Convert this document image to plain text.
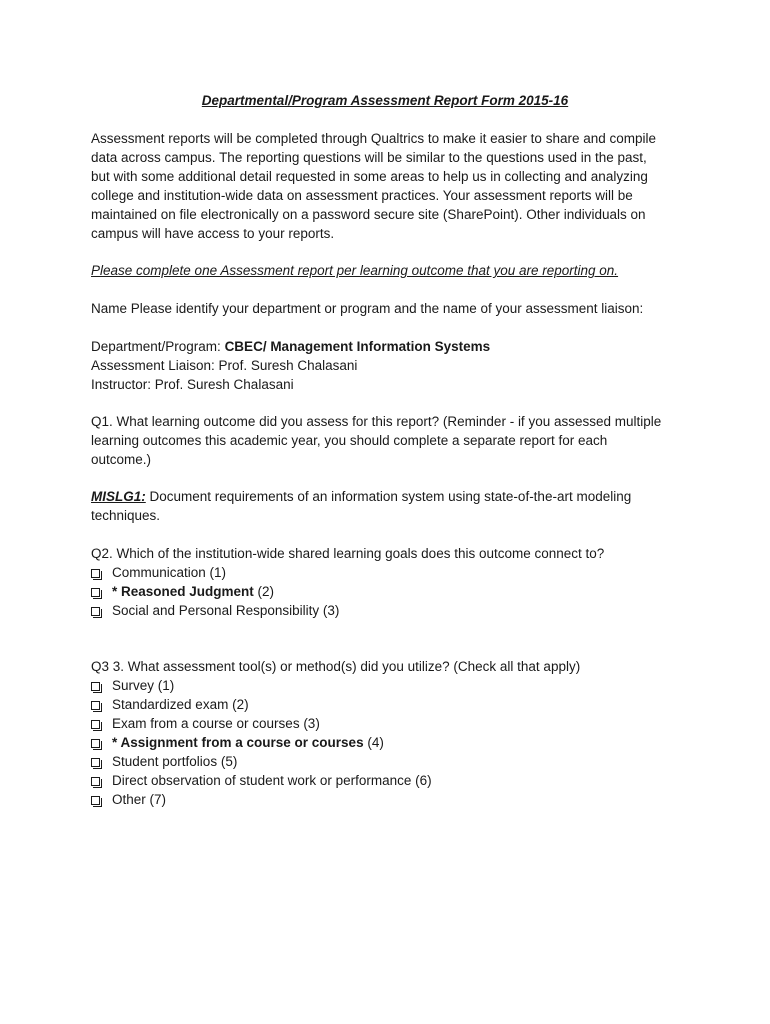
Departmental/Program Assessment Report Form 2015-16
Assessment reports will be completed through Qualtrics to make it easier to share and compile
data across campus. The reporting questions will be similar to the questions used in the past,
but with some additional detail requested in some areas to help us in collecting and analyzing
college and institution-wide data on assessment practices. Your assessment reports will be
maintained on file electronically on a password secure site (SharePoint). Other individuals on
campus will have access to your reports.
Please complete one Assessment report per learning outcome that you are reporting on.
Name Please identify your department or program and the name of your assessment liaison:
Department/Program: CBEC/ Management Information Systems
Assessment Liaison: Prof. Suresh Chalasani
Instructor: Prof. Suresh Chalasani
Q1. What learning outcome did you assess for this report? (Reminder - if you assessed multiple
learning outcomes this academic year, you should complete a separate report for each
outcome.)
MISLG1: Document requirements of an information system using state-of-the-art modeling
techniques.
Q2. Which of the institution-wide shared learning goals does this outcome connect to?
Communication (1)
* Reasoned Judgment (2)
Social and Personal Responsibility (3)
Q3 3. What assessment tool(s) or method(s) did you utilize? (Check all that apply)
Survey (1)
Standardized exam (2)
Exam from a course or courses (3)
* Assignment from a course or courses (4)
Student portfolios (5)
Direct observation of student work or performance (6)
Other (7)
